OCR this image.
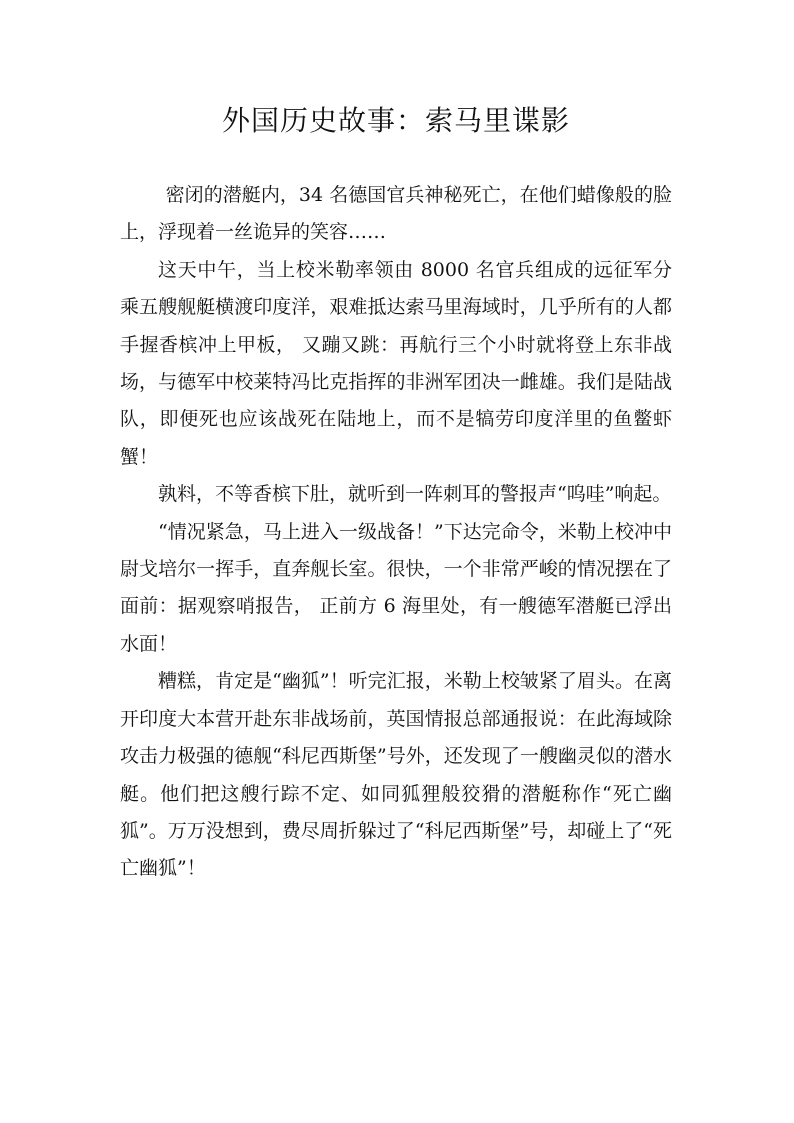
外国历史故事：索马里谍影

密闭的潜艇内，34 名德国官兵神秘死亡，在他们蜡像般的脸上，浮现着一丝诡异的笑容……

这天中午，当上校米勒率领由 8000 名官兵组成的远征军分乘五艘舰艇横渡印度洋，艰难抵达索马里海域时，几乎所有的人都手握香槟冲上甲板， 又蹦又跳：再航行三个小时就将登上东非战场，与德军中校莱特冯比克指挥的非洲军团决一雌雄。我们是陆战队，即便死也应该战死在陆地上，而不是犒劳印度洋里的鱼鳖虾蟹！

孰料，不等香槟下肚，就听到一阵刺耳的警报声“呜哇”响起。

“情况紧急，马上进入一级战备！”下达完命令，米勒上校冲中尉戈培尔一挥手，直奔舰长室。很快，一个非常严峻的情况摆在了面前：据观察哨报告， 正前方 6 海里处，有一艘德军潜艇已浮出水面！

糟糕，肯定是“幽狐”！听完汇报，米勒上校皱紧了眉头。在离开印度大本营开赴东非战场前，英国情报总部通报说：在此海域除攻击力极强的德舰“科尼西斯堡”号外，还发现了一艘幽灵似的潜水艇。他们把这艘行踪不定、如同狐狸般狡猾的潜艇称作“死亡幽狐”。万万没想到，费尽周折躲过了“科尼西斯堡”号，却碰上了“死亡幽狐”！
